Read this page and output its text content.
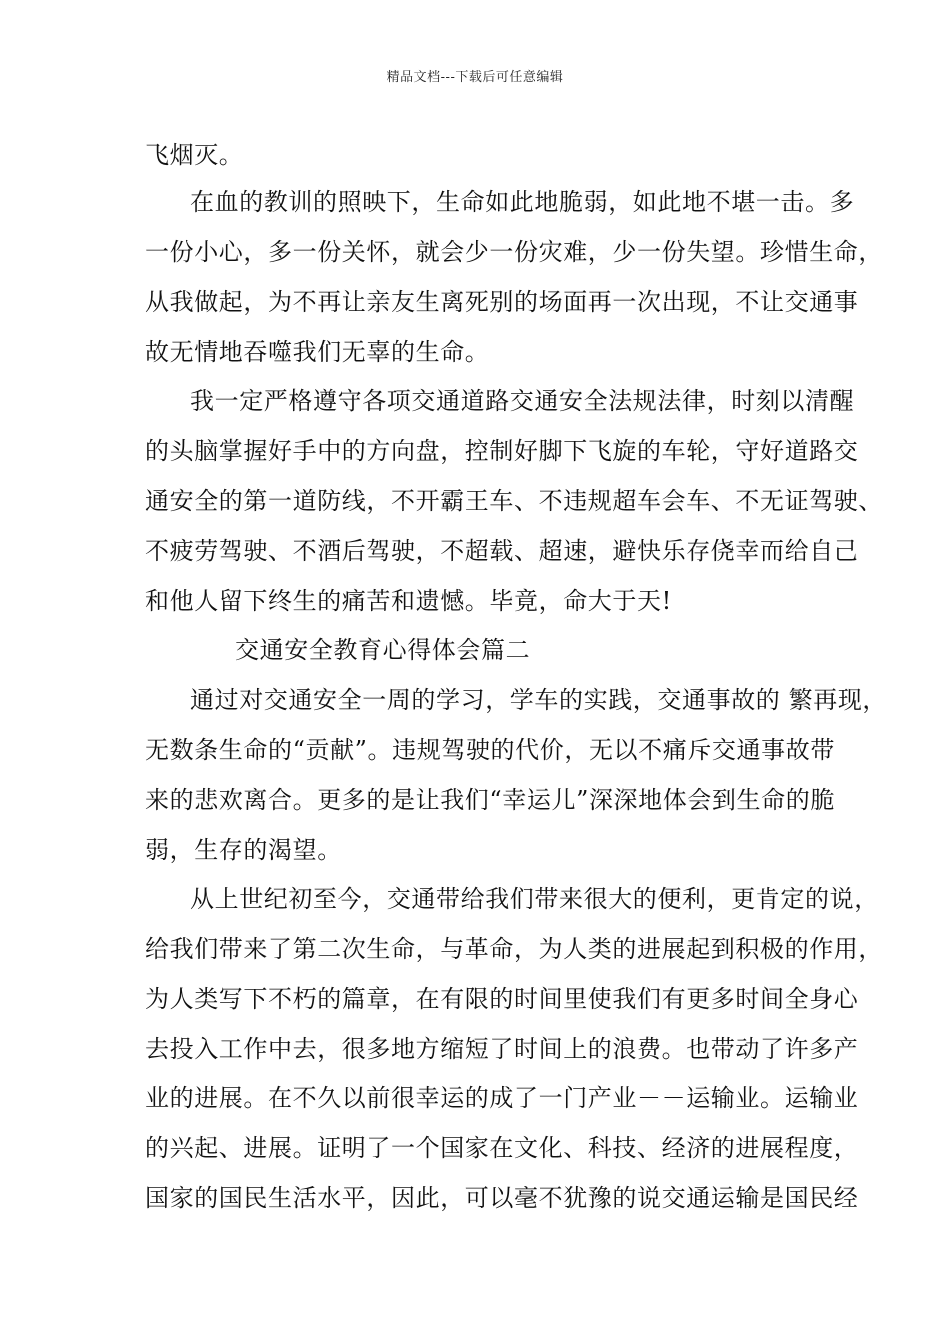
精品文档---下载后可任意编辑
飞烟灭。
在血的教训的照映下，生命如此地脆弱，如此地不堪一击。多
一份小心，多一份关怀，就会少一份灾难，少一份失望。珍惜生命，
从我做起，为不再让亲友生离死别的场面再一次出现，不让交通事
故无情地吞噬我们无辜的生命。
我一定严格遵守各项交通道路交通安全法规法律，时刻以清醒
的头脑掌握好手中的方向盘，控制好脚下飞旋的车轮，守好道路交
通安全的第一道防线，不开霸王车、不违规超车会车、不无证驾驶、
不疲劳驾驶、不酒后驾驶，不超载、超速，避快乐存侥幸而给自己
和他人留下终生的痛苦和遗憾。毕竟，命大于天!
交通安全教育心得体会篇二
通过对交通安全一周的学习，学车的实践，交通事故的 繁再现，
无数条生命的“贡献”。违规驾驶的代价，无以不痛斥交通事故带
来的悲欢离合。更多的是让我们“幸运儿”深深地体会到生命的脆
弱，生存的渴望。
从上世纪初至今，交通带给我们带来很大的便利，更肯定的说，
给我们带来了第二次生命，与革命，为人类的进展起到积极的作用，
为人类写下不朽的篇章，在有限的时间里使我们有更多时间全身心
去投入工作中去，很多地方缩短了时间上的浪费。也带动了许多产
业的进展。在不久以前很幸运的成了一门产业－－运输业。运输业
的兴起、进展。证明了一个国家在文化、科技、经济的进展程度，
国家的国民生活水平，因此，可以毫不犹豫的说交通运输是国民经
